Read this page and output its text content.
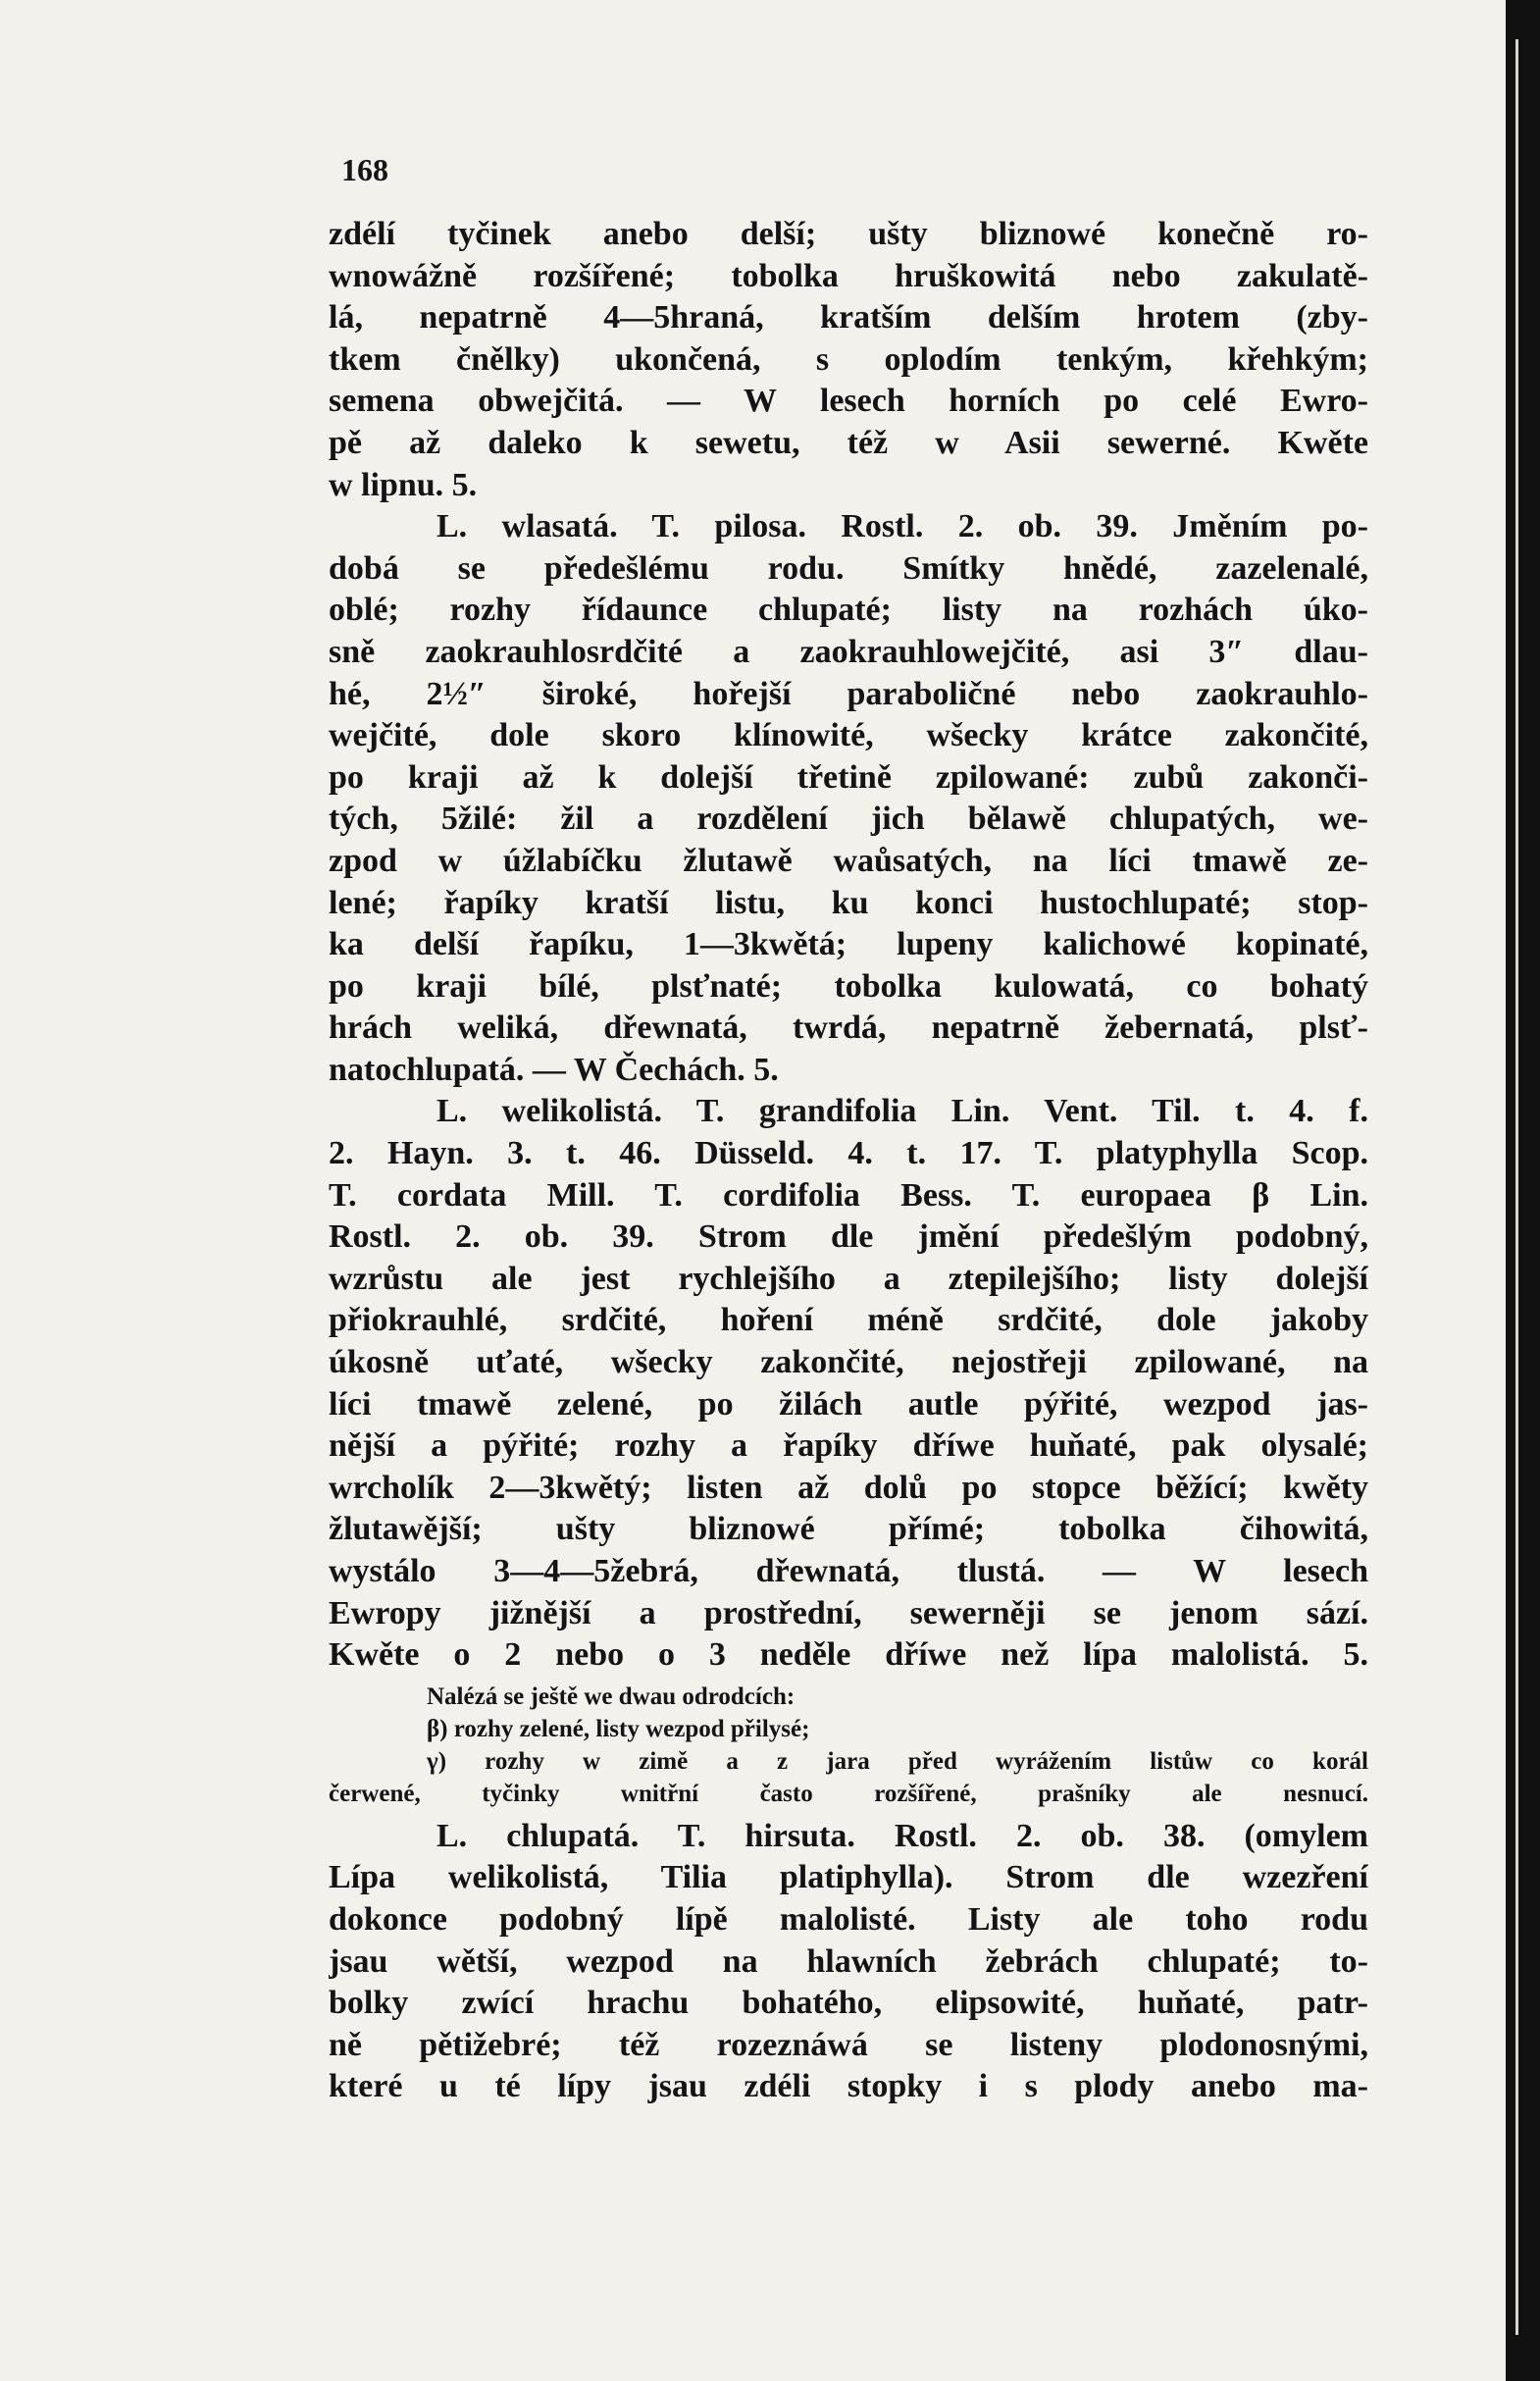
168
zdélí tyčinek anebo delší; ušty bliznowé konečně ro-
wnowážně rozšířené; tobolka hruškowitá nebo zakulatě-
lá, nepatrně 4—5hraná, kratším delším hrotem (zby-
tkem čnělky) ukončená, s oplodím tenkým, křehkým;
semena obwejčitá. — W lesech horních po celé Ewro-
pě až daleko k sewetu, též w Asii sewerné. Kwěte
w lipnu. 5.
L. wlasatá. T. pilosa. Rostl. 2. ob. 39. Jměním po-
dobá se předešlému rodu. Smítky hnědé, zazelenalé,
oblé; rozhy řídaunce chlupaté; listy na rozhách úko-
sně zaokrauhlosrdčité a zaokrauhlowejčité, asi 3″ dlau-
hé, 2½″ široké, hořejší paraboličné nebo zaokrauhlo-
wejčité, dole skoro klínowité, wšecky krátce zakončité,
po kraji až k dolejší třetině zpilowané: zubů zakonči-
tých, 5žilé: žil a rozdělení jich bělawě chlupatých, we-
zpod w úžlabíčku žlutawě waůsatých, na líci tmawě ze-
lené; řapíky kratší listu, ku konci hustochlupaté; stop-
ka delší řapíku, 1—3kwětá; lupeny kalichowé kopinaté,
po kraji bílé, plsťnaté; tobolka kulowatá, co bohatý
hrách weliká, dřewnatá, twrdá, nepatrně žebernatá, plsť-
natochlupatá. — W Čechách. 5.
L. welikolistá. T. grandifolia Lin. Vent. Til. t. 4. f.
2. Hayn. 3. t. 46. Düsseld. 4. t. 17. T. platyphylla Scop.
T. cordata Mill. T. cordifolia Bess. T. europaea β Lin.
Rostl. 2. ob. 39. Strom dle jmění předešlým podobný,
wzrůstu ale jest rychlejšího a ztepilejšího; listy dolejší
přiokrauhlé, srdčité, hoření méně srdčité, dole jakoby
úkosně uťaté, wšecky zakončité, nejostřeji zpilowané, na
líci tmawě zelené, po žilách autle pýřité, wezpod jas-
nější a pýřité; rozhy a řapíky dříwe huňaté, pak olysalé;
wrcholík 2—3kwětý; listen až dolů po stopce běžící; kwěty
žlutawější; ušty bliznowé přímé; tobolka čihowitá,
wystálo 3—4—5žebrá, dřewnatá, tlustá. — W lesech
Ewropy jižnější a prostřední, sewerněji se jenom sází.
Kwěte o 2 nebo o 3 neděle dříwe než lípa malolistá. 5.
Nalézá se ještě we dwau odrodcích:
β) rozhy zelené, listy wezpod přilysé;
γ) rozhy w zimě a z jara před wyrážením listůw co korál
čerwené, tyčinky wnitřní často rozšířené, prašníky ale nesnucí.
L. chlupatá. T. hirsuta. Rostl. 2. ob. 38. (omylem
Lípa welikolistá, Tilia platiphylla). Strom dle wzezření
dokonce podobný lípě malolisté. Listy ale toho rodu
jsau wětší, wezpod na hlawních žebrách chlupaté; to-
bolky zwící hrachu bohatého, elipsowité, huňaté, patr-
ně pětižebré; též rozeznáwá se listeny plodonosnými,
které u té lípy jsau zdéli stopky i s plody anebo ma-
